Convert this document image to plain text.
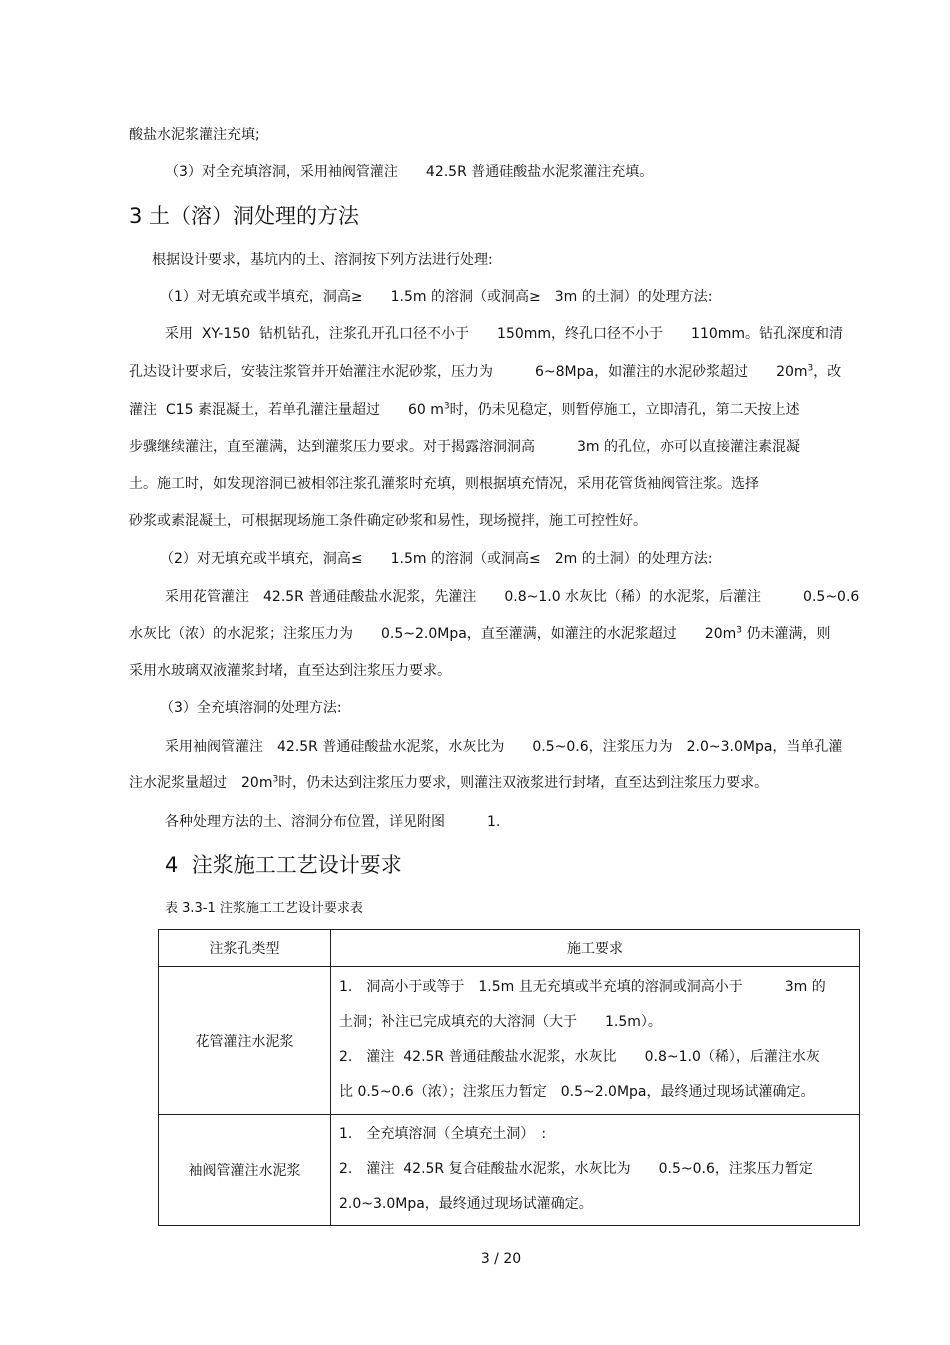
酸盐水泥浆灌注充填;
（3）对全充填溶洞，采用袖阀管灌注　　42.5R 普通硅酸盐水泥浆灌注充填。
3 土（溶）洞处理的方法
根据设计要求，基坑内的土、溶洞按下列方法进行处理:
（1）对无填充或半填充，洞高≥　　1.5m 的溶洞（或洞高≥　3m 的土洞）的处理方法:
采用  XY-150  钻机钻孔，注浆孔开孔口径不小于　　150mm，终孔口径不小于　　110mm。钻孔深度和清
孔达设计要求后，安装注浆管并开始灌注水泥砂浆，压力为　　　6~8Mpa，如灌注的水泥砂浆超过　　$20m^3$，改
灌注  C15 素混凝土，若单孔灌注量超过　　60 $m^3$时，仍未见稳定，则暂停施工，立即清孔，第二天按上述
步骤继续灌注，直至灌满，达到灌浆压力要求。对于揭露溶洞洞高　　　3m 的孔位，亦可以直接灌注素混凝
土。施工时，如发现溶洞已被相邻注浆孔灌浆时充填，则根据填充情况，采用花管货袖阀管注浆。选择
砂浆或素混凝土，可根据现场施工条件确定砂浆和易性，现场搅拌，施工可控性好。
（2）对无填充或半填充，洞高≤　　1.5m 的溶洞（或洞高≤　2m 的土洞）的处理方法:
采用花管灌注　42.5R 普通硅酸盐水泥浆，先灌注　　0.8~1.0 水灰比（稀）的水泥浆，后灌注　　　0.5~0.6
水灰比（浓）的水泥浆；注浆压力为　　0.5~2.0Mpa，直至灌满，如灌注的水泥浆超过　　$20m^3$ 仍未灌满，则
采用水玻璃双液灌浆封堵，直至达到注浆压力要求。
（3）全充填溶洞的处理方法:
采用袖阀管灌注　42.5R 普通硅酸盐水泥浆，水灰比为　　0.5~0.6，注浆压力为　2.0~3.0Mpa，当单孔灌
注水泥浆量超过　$20m^3$时，仍未达到注浆压力要求，则灌注双液浆进行封堵，直至达到注浆压力要求。
各种处理方法的土、溶洞分布位置，详见附图　　　1.
4  注浆施工工艺设计要求
表 3.3-1 注浆施工工艺设计要求表
注浆孔类型	施工要求
花管灌注水泥浆	1.　洞高小于或等于　1.5m 且无充填或半充填的溶洞或洞高小于　　　3m 的
土洞；补注已完成填充的大溶洞（大于　　1.5m）。
2.　灌注  42.5R 普通硅酸盐水泥浆，水灰比　　0.8~1.0（稀），后灌注水灰
比 0.5~0.6（浓）；注浆压力暂定　0.5~2.0Mpa，最终通过现场试灌确定。

袖阀管灌注水泥浆	1.　全充填溶洞（全填充土洞）　:
2.　灌注  42.5R 复合硅酸盐水泥浆，水灰比为　　0.5~0.6，注浆压力暂定
2.0~3.0Mpa，最终通过现场试灌确定。
3 / 20
